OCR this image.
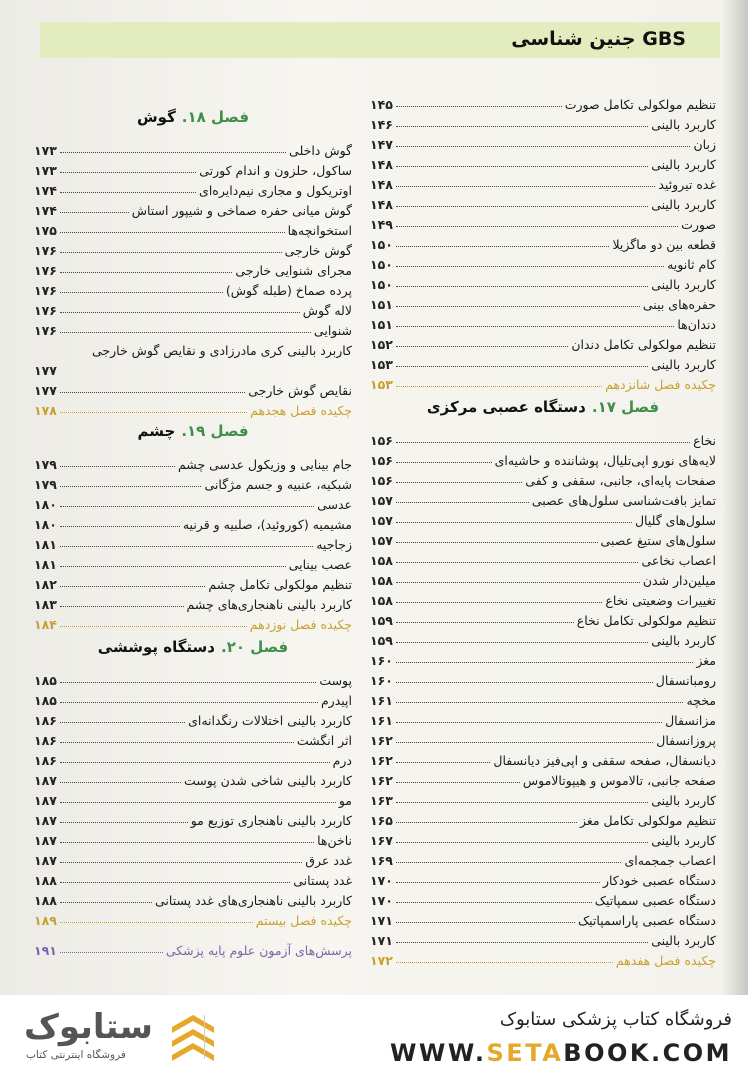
GBS جنین شناسی
تنظیم مولکولی تکامل صورت
۱۴۵
کاربرد بالینی
۱۴۶
زبان
۱۴۷
کاربرد بالینی
۱۴۸
غده تیروئید
۱۴۸
کاربرد بالینی
۱۴۸
صورت
۱۴۹
قطعه بین دو ماگزیلا
۱۵۰
کام ثانویه
۱۵۰
کاربرد بالینی
۱۵۰
حفره‌های بینی
۱۵۱
دندان‌ها
۱۵۱
تنظیم مولکولی تکامل دندان
۱۵۲
کاربرد بالینی
۱۵۳
چکیده فصل شانزدهم
۱۵۳
فصل ۱۷.
دستگاه عصبی مرکزی
نخاع
۱۵۶
لایه‌های نورو اپی‌تلیال، پوشاننده و حاشیه‌ای
۱۵۶
صفحات پایه‌ای، جانبی، سقفی و کفی
۱۵۶
تمایز بافت‌شناسی سلول‌های عصبی
۱۵۷
سلول‌های گلیال
۱۵۷
سلول‌های ستیغ عصبی
۱۵۷
اعصاب نخاعی
۱۵۸
میلین‌دار شدن
۱۵۸
تغییرات وضعیتی نخاع
۱۵۸
تنظیم مولکولی تکامل نخاع
۱۵۹
کاربرد بالینی
۱۵۹
مغز
۱۶۰
رومبانسفال
۱۶۰
مخچه
۱۶۱
مزانسفال
۱۶۱
پروزانسفال
۱۶۲
دیانسفال، صفحه سقفی و اپی‌فیز دیانسفال
۱۶۲
صفحه جانبی، تالاموس و هیپوتالاموس
۱۶۲
کاربرد بالینی
۱۶۳
تنظیم مولکولی تکامل مغز
۱۶۵
کاربرد بالینی
۱۶۷
اعصاب جمجمه‌ای
۱۶۹
دستگاه عصبی خودکار
۱۷۰
دستگاه عصبی سمپاتیک
۱۷۰
دستگاه عصبی پاراسمپاتیک
۱۷۱
کاربرد بالینی
۱۷۱
چکیده فصل هفدهم
۱۷۲
فصل ۱۸.
گوش
گوش داخلی
۱۷۳
ساکول، حلزون و اندام کورتی
۱۷۳
اوتریکول و مجاری نیم‌دایره‌ای
۱۷۴
گوش میانی حفره صماخی و شیپور استاش
۱۷۴
استخوانچه‌ها
۱۷۵
گوش خارجی
۱۷۶
مجرای شنوایی خارجی
۱۷۶
پرده صماخ (طبله گوش)
۱۷۶
لاله گوش
۱۷۶
شنوایی
۱۷۶
کاربرد بالینی کری مادرزادی و نقایص گوش خارجی
۱۷۷
نقایص گوش خارجی
۱۷۷
چکیده فصل هجدهم
۱۷۸
فصل ۱۹.
چشم
جام بینایی و وزیکول عدسی چشم
۱۷۹
شبکیه، عنبیه و جسم مژگانی
۱۷۹
عدسی
۱۸۰
مشیمیه (کوروئید)، صلبیه و قرنیه
۱۸۰
زجاجیه
۱۸۱
عصب بینایی
۱۸۱
تنظیم مولکولی تکامل چشم
۱۸۲
کاربرد بالینی ناهنجاری‌های چشم
۱۸۳
چکیده فصل نوزدهم
۱۸۴
فصل ۲۰.
دستگاه پوششی
پوست
۱۸۵
اپیدرم
۱۸۵
کاربرد بالینی اختلالات رنگدانه‌ای
۱۸۶
اثر انگشت
۱۸۶
درم
۱۸۶
کاربرد بالینی شاخی شدن پوست
۱۸۷
مو
۱۸۷
کاربرد بالینی ناهنجاری توزیع مو
۱۸۷
ناخن‌ها
۱۸۷
غدد عرق
۱۸۷
غدد پستانی
۱۸۸
کاربرد بالینی ناهنجاری‌های غدد پستانی
۱۸۸
چکیده فصل بیستم
۱۸۹
پرسش‌های آزمون علوم پایه پزشکی
۱۹۱
ستابوک
فروشگاه اینترنتی کتاب
فروشگاه کتاب پزشکی ستابوک
WWW.SETABOOK.COM
